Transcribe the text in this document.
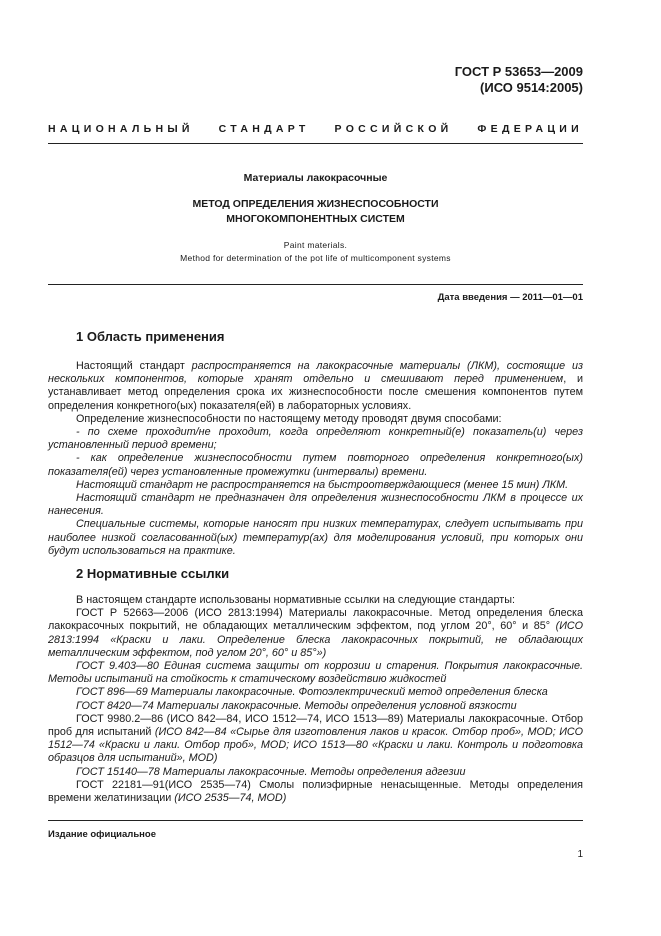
ГОСТ Р 53653—2009
(ИСО 9514:2005)
НАЦИОНАЛЬНЫЙ СТАНДАРТ РОССИЙСКОЙ ФЕДЕРАЦИИ
Материалы лакокрасочные
МЕТОД ОПРЕДЕЛЕНИЯ ЖИЗНЕСПОСОБНОСТИ
МНОГОКОМПОНЕНТНЫХ СИСТЕМ
Paint materials.
Method for determination of the pot life of multicomponent systems
Дата введения — 2011—01—01
1 Область применения

Настоящий стандарт распространяется на лакокрасочные материалы (ЛКМ), состоящие из нескольких компонентов, которые хранят отдельно и смешивают перед применением, и устанавливает метод определения срока их жизнеспособности после смешения компонентов путем определения конкретного(ых) показателя(ей) в лабораторных условиях.

Определение жизнеспособности по настоящему методу проводят двумя способами:

- по схеме проходит/не проходит, когда определяют конкретный(е) показатель(и) через установленный период времени;

- как определение жизнеспособности путем повторного определения конкретного(ых) показателя(ей) через установленные промежутки (интервалы) времени.

Настоящий стандарт не распространяется на быстроотверждающиеся (менее 15 мин) ЛКМ.

Настоящий стандарт не предназначен для определения жизнеспособности ЛКМ в процессе их нанесения.

Специальные системы, которые наносят при низких температурах, следует испытывать при наиболее низкой согласованной(ых) температур(ах) для моделирования условий, при которых они будут использоваться на практике.

2 Нормативные ссылки

В настоящем стандарте использованы нормативные ссылки на следующие стандарты:

ГОСТ Р 52663—2006 (ИСО 2813:1994) Материалы лакокрасочные. Метод определения блеска лакокрасочных покрытий, не обладающих металлическим эффектом, под углом 20°, 60° и 85° (ИСО 2813:1994 «Краски и лаки. Определение блеска лакокрасочных покрытий, не обладающих металлическим эффектом, под углом 20°, 60° и 85°»)

ГОСТ 9.403—80 Единая система защиты от коррозии и старения. Покрытия лакокрасочные. Методы испытаний на стойкость к статическому воздействию жидкостей

ГОСТ 896—69 Материалы лакокрасочные. Фотоэлектрический метод определения блеска

ГОСТ 8420—74 Материалы лакокрасочные. Методы определения условной вязкости

ГОСТ 9980.2—86 (ИСО 842—84, ИСО 1512—74, ИСО 1513—89) Материалы лакокрасочные. Отбор проб для испытаний (ИСО 842—84 «Сырье для изготовления лаков и красок. Отбор проб», MOD; ИСО 1512—74 «Краски и лаки. Отбор проб», MOD; ИСО 1513—80 «Краски и лаки. Контроль и подготовка образцов для испытаний», MOD)

ГОСТ 15140—78 Материалы лакокрасочные. Методы определения адгезии

ГОСТ 22181—91(ИСО 2535—74) Смолы полиэфирные ненасыщенные. Методы определения времени желатинизации (ИСО 2535—74, MOD)

Издание официальное
1
